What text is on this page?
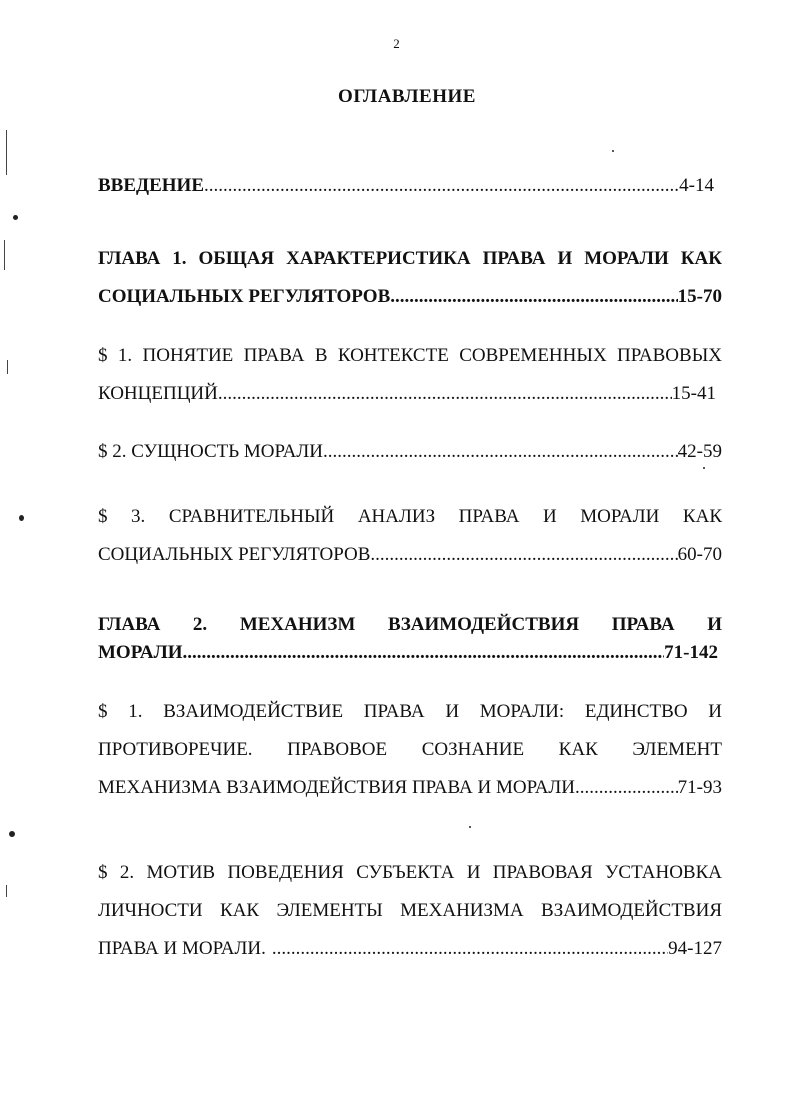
2
ОГЛАВЛЕНИЕ
ВВЕДЕНИЕ .....	4-14
ГЛАВА 1. ОБЩАЯ ХАРАКТЕРИСТИКА ПРАВА И МОРАЛИ КАК
СОЦИАЛЬНЫХ РЕГУЛЯТОРОВ .....	15-70
$ 1. ПОНЯТИЕ ПРАВА В КОНТЕКСТЕ СОВРЕМЕННЫХ ПРАВОВЫХ
КОНЦЕПЦИЙ .....	15-41
$ 2. СУЩНОСТЬ МОРАЛИ .....	42-59
$ 3. СРАВНИТЕЛЬНЫЙ АНАЛИЗ ПРАВА И МОРАЛИ КАК
СОЦИАЛЬНЫХ РЕГУЛЯТОРОВ .....	60-70
ГЛАВА 2. МЕХАНИЗМ ВЗАИМОДЕЙСТВИЯ ПРАВА И
МОРАЛИ .....	71-142
$ 1. ВЗАИМОДЕЙСТВИЕ ПРАВА И МОРАЛИ: ЕДИНСТВО И
ПРОТИВОРЕЧИЕ. ПРАВОВОЕ СОЗНАНИЕ КАК ЭЛЕМЕНТ
МЕХАНИЗМА ВЗАИМОДЕЙСТВИЯ ПРАВА И МОРАЛИ .....	71-93
$ 2. МОТИВ ПОВЕДЕНИЯ СУБЪЕКТА И ПРАВОВАЯ УСТАНОВКА
ЛИЧНОСТИ КАК ЭЛЕМЕНТЫ МЕХАНИЗМА ВЗАИМОДЕЙСТВИЯ
ПРАВА И МОРАЛИ. .....	94-127
